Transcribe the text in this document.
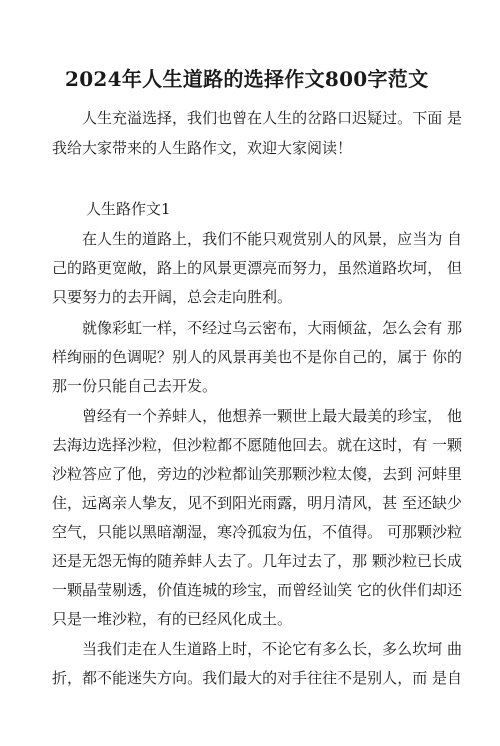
2024年人生道路的选择作文800字范文
人生充溢选择，我们也曾在人生的岔路口迟疑过。下面 是
我给大家带来的人生路作文，欢迎大家阅读！
人生路作文1
在人生的道路上，我们不能只观赏别人的风景，应当为 自
己的路更宽敞，路上的风景更漂亮而努力，虽然道路坎坷， 但
只要努力的去开阔，总会走向胜利。
就像彩虹一样，不经过乌云密布，大雨倾盆，怎么会有 那
样绚丽的色调呢？别人的风景再美也不是你自己的，属于 你的
那一份只能自己去开发。
曾经有一个养蚌人，他想养一颗世上最大最美的珍宝， 他
去海边选择沙粒，但沙粒都不愿随他回去。就在这时，有 一颗
沙粒答应了他，旁边的沙粒都讪笑那颗沙粒太傻，去到 河蚌里
住，远离亲人挚友，见不到阳光雨露，明月清风，甚 至还缺少
空气，只能以黑暗潮湿，寒冷孤寂为伍，不值得。 可那颗沙粒
还是无怨无悔的随养蚌人去了。几年过去了，那 颗沙粒已长成
一颗晶莹剔透，价值连城的珍宝，而曾经讪笑 它的伙伴们却还
只是一堆沙粒，有的已经风化成土。
当我们走在人生道路上时，不论它有多么长，多么坎坷 曲
折，都不能迷失方向。我们最大的对手往往不是别人，而 是自
